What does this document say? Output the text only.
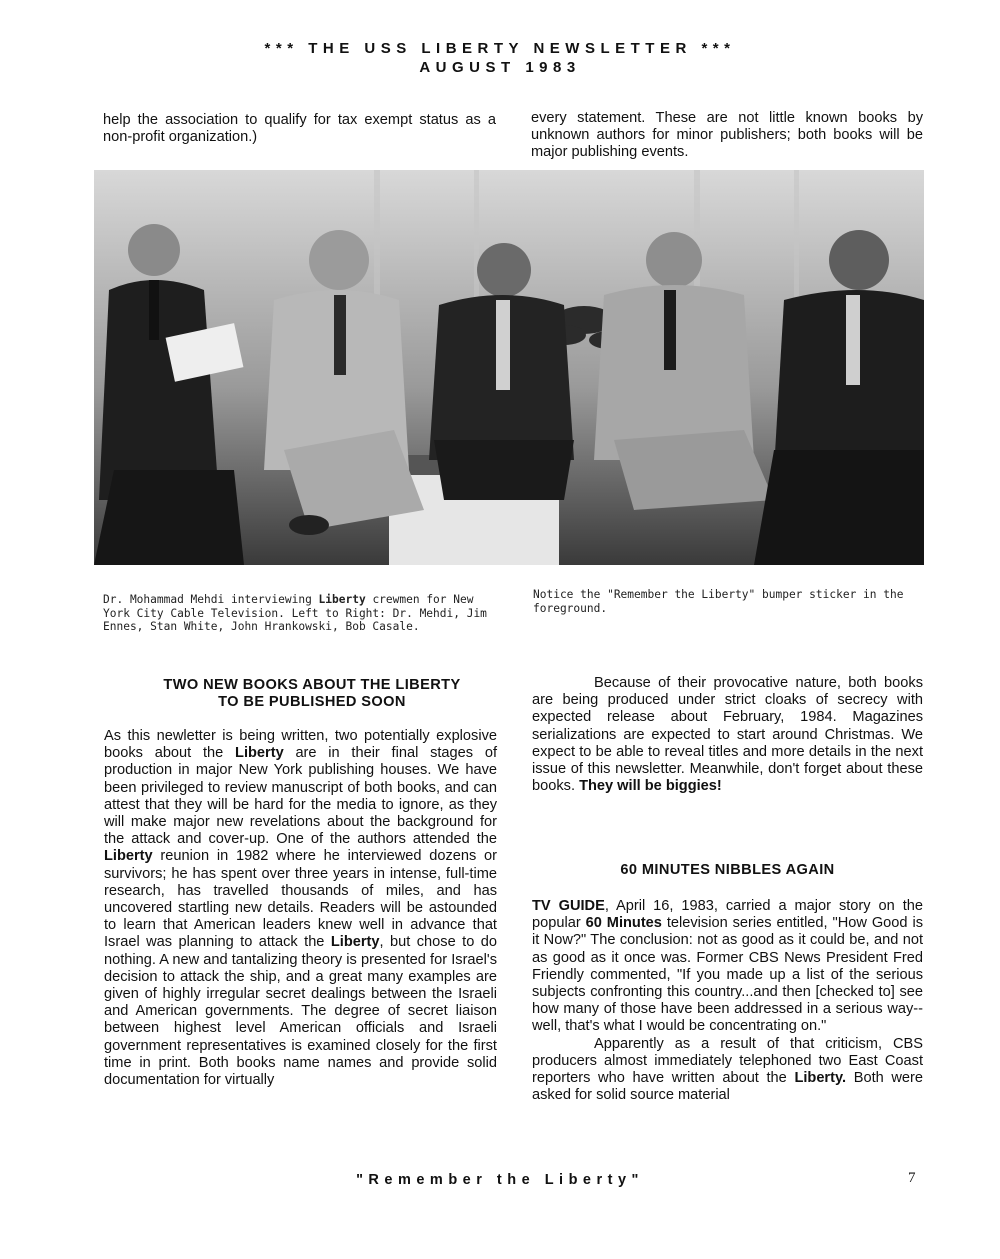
*** THE USS LIBERTY NEWSLETTER ***
AUGUST 1983

help the association to qualify for tax exempt status as a non-profit organization.)

every statement. These are not little known books by unknown authors for minor publishers; both books will be major publishing events.

Dr. Mohammad Mehdi interviewing Liberty crewmen for New York City Cable Television. Left to Right: Dr. Mehdi, Jim Ennes, Stan White, John Hrankowski, Bob Casale.
Notice the "Remember the Liberty" bumper sticker in the foreground.
TWO NEW BOOKS ABOUT THE LIBERTY
TO BE PUBLISHED SOON

As this newletter is being written, two potentially explosive books about the Liberty are in their final stages of production in major New York publishing houses. We have been privileged to review manuscript of both books, and can attest that they will be hard for the media to ignore, as they will make major new revelations about the background for the attack and cover-up. One of the authors attended the Liberty reunion in 1982 where he interviewed dozens or survivors; he has spent over three years in intense, full-time research, has travelled thousands of miles, and has uncovered startling new details. Readers will be astounded to learn that American leaders knew well in advance that Israel was planning to attack the Liberty, but chose to do nothing. A new and tantalizing theory is presented for Israel's decision to attack the ship, and a great many examples are given of highly irregular secret dealings between the Israeli and American governments. The degree of secret liaison between highest level American officials and Israeli government representatives is examined closely for the first time in print. Both books name names and provide solid documentation for virtually

Because of their provocative nature, both books are being produced under strict cloaks of secrecy with expected release about February, 1984. Magazines serializations are expected to start around Christmas. We expect to be able to reveal titles and more details in the next issue of this newsletter. Meanwhile, don't forget about these books. They will be biggies!

60 MINUTES NIBBLES AGAIN

TV GUIDE, April 16, 1983, carried a major story on the popular 60 Minutes television series entitled, "How Good is it Now?" The conclusion: not as good as it could be, and not as good as it once was. Former CBS News President Fred Friendly commented, "If you made up a list of the serious subjects confronting this country...and then [checked to] see how many of those have been addressed in a serious way--well, that's what I would be concentrating on."

Apparently as a result of that criticism, CBS producers almost immediately telephoned two East Coast reporters who have written about the Liberty. Both were asked for solid source material

"Remember the Liberty"	7
